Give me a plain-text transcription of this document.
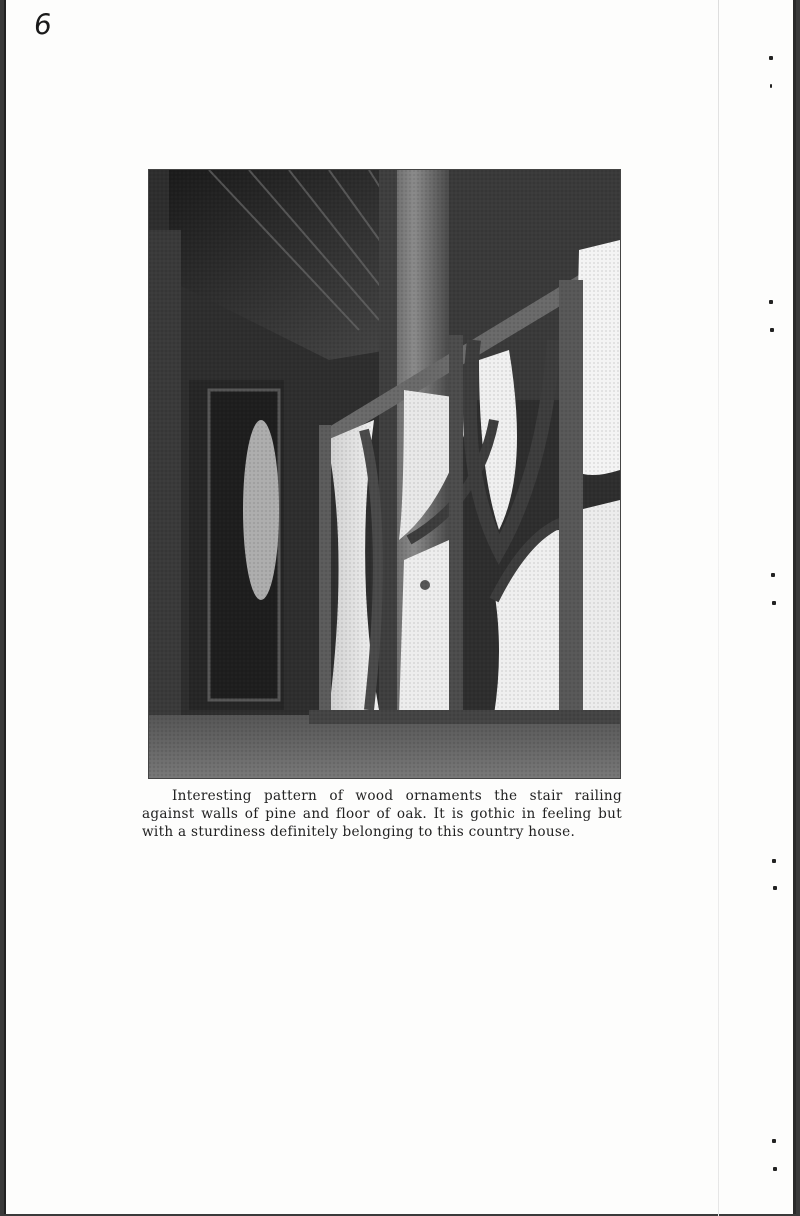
6
Interesting pattern of wood ornaments the stair railing against walls of pine and floor of oak. It is gothic in feeling but with a sturdiness definitely belonging to this country house.
